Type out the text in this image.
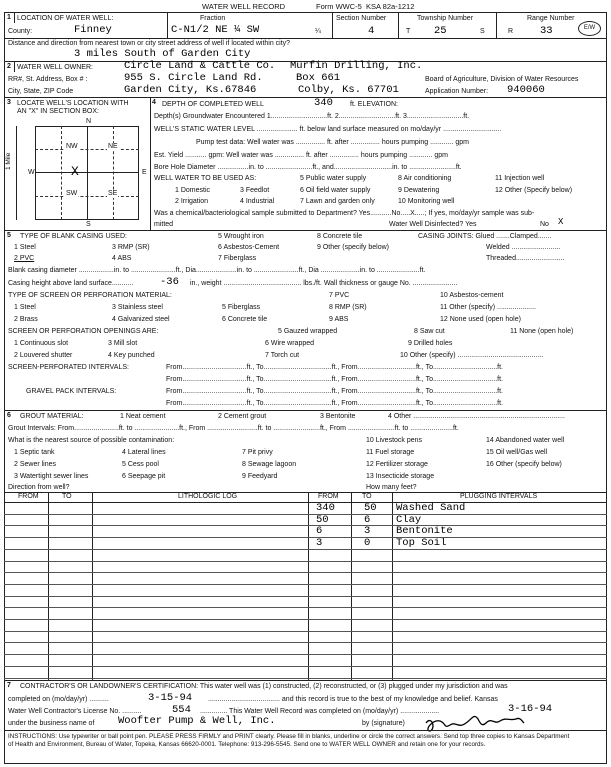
WATER WELL RECORD	Form WWC-5 KSA 82a-1212
1 LOCATION OF WATER WELL:
County:	Finney
Fraction
C-N1/2 NE ¼ SW	¼
Section Number
4
Township Number
T 25	S
Range Number
R	33	E/W
Distance and direction from nearest town or city street address of well if located within city?
3 miles South of Garden City
2 WATER WELL OWNER:	Circle Land & Cattle Co. Murfin Drilling, Inc.
RR#, St. Address, Box # :	955 S. Circle Land Rd.	Box 661	Board of Agriculture, Division of Water Resources
City, State, ZIP Code	Garden City, Ks.67846	Colby, Ks. 67701	Application Number: 940060
3 LOCATE WELL'S LOCATION WITH
AN "X" IN SECTION BOX:
N
S
W	E
NW	NE
SW	SE
X
1 Mile
4 DEPTH OF COMPLETED WELL	340 ft. ELEVATION:
Depth(s) Groundwater Encountered 1.............................ft. 2.............................ft. 3.............................ft.
WELL'S STATIC WATER LEVEL ..................... ft. below land surface measured on mo/day/yr ..............................
Pump test data: Well water was ............... ft. after ............... hours pumping ............ gpm
Est. Yield ........... gpm: Well water was ............... ft. after ............... hours pumping ............ gpm
Bore Hole Diameter ................in. to ........................ft., and..............................in. to ........................ft.
WELL WATER TO BE USED AS:	5 Public water supply	8 Air conditioning	11 Injection well
1 Domestic	3 Feedlot	6 Oil field water supply	9 Dewatering	12 Other (Specify below)
2 Irrigation	4 Industrial	7 Lawn and garden only	10 Monitoring well
Was a chemical/bacteriological sample submitted to Department? Yes...........No.....X.....; If yes, mo/day/yr sample was sub-
mitted	Water Well Disinfected? Yes	No X
5 TYPE OF BLANK CASING USED:	5 Wrought iron	8 Concrete tile	CASING JOINTS: Glued .......Clamped.......
1 Steel	3 RMP (SR)	6 Asbestos-Cement	9 Other (specify below)	Welded .........................
2 PVC	4 ABS	7 Fiberglass	Threaded.........................
Blank casing diameter ..................in. to .......................ft., Dia.....................in. to .......................ft., Dia ....................in. to ......................ft.
Casing height above land surface...........	-36 in., weight ........................................ lbs./ft. Wall thickness or gauge No. .......................
TYPE OF SCREEN OR PERFORATION MATERIAL:	7 PVC	10 Asbestos-cement
1 Steel	3 Stainless steel	5 Fiberglass	8 RMP (SR)	11 Other (specify) ....................
2 Brass	4 Galvanized steel	6 Concrete tile	9 ABS	12 None used (open hole)
SCREEN OR PERFORATION OPENINGS ARE:	5 Gauzed wrapped	8 Saw cut	11 None (open hole)
1 Continuous slot	3 Mill slot	6 Wire wrapped	9 Drilled holes
2 Louvered shutter	4 Key punched	7 Torch cut	10 Other (specify) ............................................
SCREEN-PERFORATED INTERVALS:	From.................................ft., To...................................ft., From..............................ft., To.................................ft.
From.................................ft., To...................................ft., From..............................ft., To.................................ft.
GRAVEL PACK INTERVALS:	From.................................ft., To...................................ft., From..............................ft., To.................................ft.
From.................................ft., To...................................ft., From..............................ft., To.................................ft.
6 GROUT MATERIAL:	1 Neat cement	2 Cement grout	3 Bentonite	4 Other ..............................................................................
Grout Intervals: From.......................ft. to .......................ft., From ..........................ft. to ........................ft., From ........................ft. to ......................ft.
What is the nearest source of possible contamination:	10 Livestock pens	14 Abandoned water well
1 Septic tank	4 Lateral lines	7 Pit privy	11 Fuel storage	15 Oil well/Gas well
2 Sewer lines	5 Cess pool	8 Sewage lagoon	12 Fertilizer storage	16 Other (specify below)
3 Watertight sewer lines	6 Seepage pit	9 Feedyard	13 Insecticide storage
Direction from well?	How many feet?
FROM	TO	LITHOLOGIC LOG	FROM	TO	PLUGGING INTERVALS
340	50 Washed Sand
50	6 Clay
6	3 Bentonite
3	0 Top Soil
7 CONTRACTOR'S OR LANDOWNER'S CERTIFICATION: This water well was (1) constructed, (2) reconstructed, or (3) plugged under my jurisdiction and was
completed on (mo/day/yr) ..........	3-15-94 ..................................... and this record is true to the best of my knowledge and belief. Kansas
Water Well Contractor's License No. ..........	554 .............. This Water Well Record was completed on (mo/day/yr) ....................	3-16-94
under the business name of Woofter Pump & Well, Inc.	by (signature)
INSTRUCTIONS: Use typewriter or ball point pen. PLEASE PRESS FIRMLY and PRINT clearly. Please fill in blanks, underline or circle the correct answers. Send top three copies to Kansas Department
of Health and Environment, Bureau of Water, Topeka, Kansas 66620-0001. Telephone: 913-296-5545. Send one to WATER WELL OWNER and retain one for your records.
